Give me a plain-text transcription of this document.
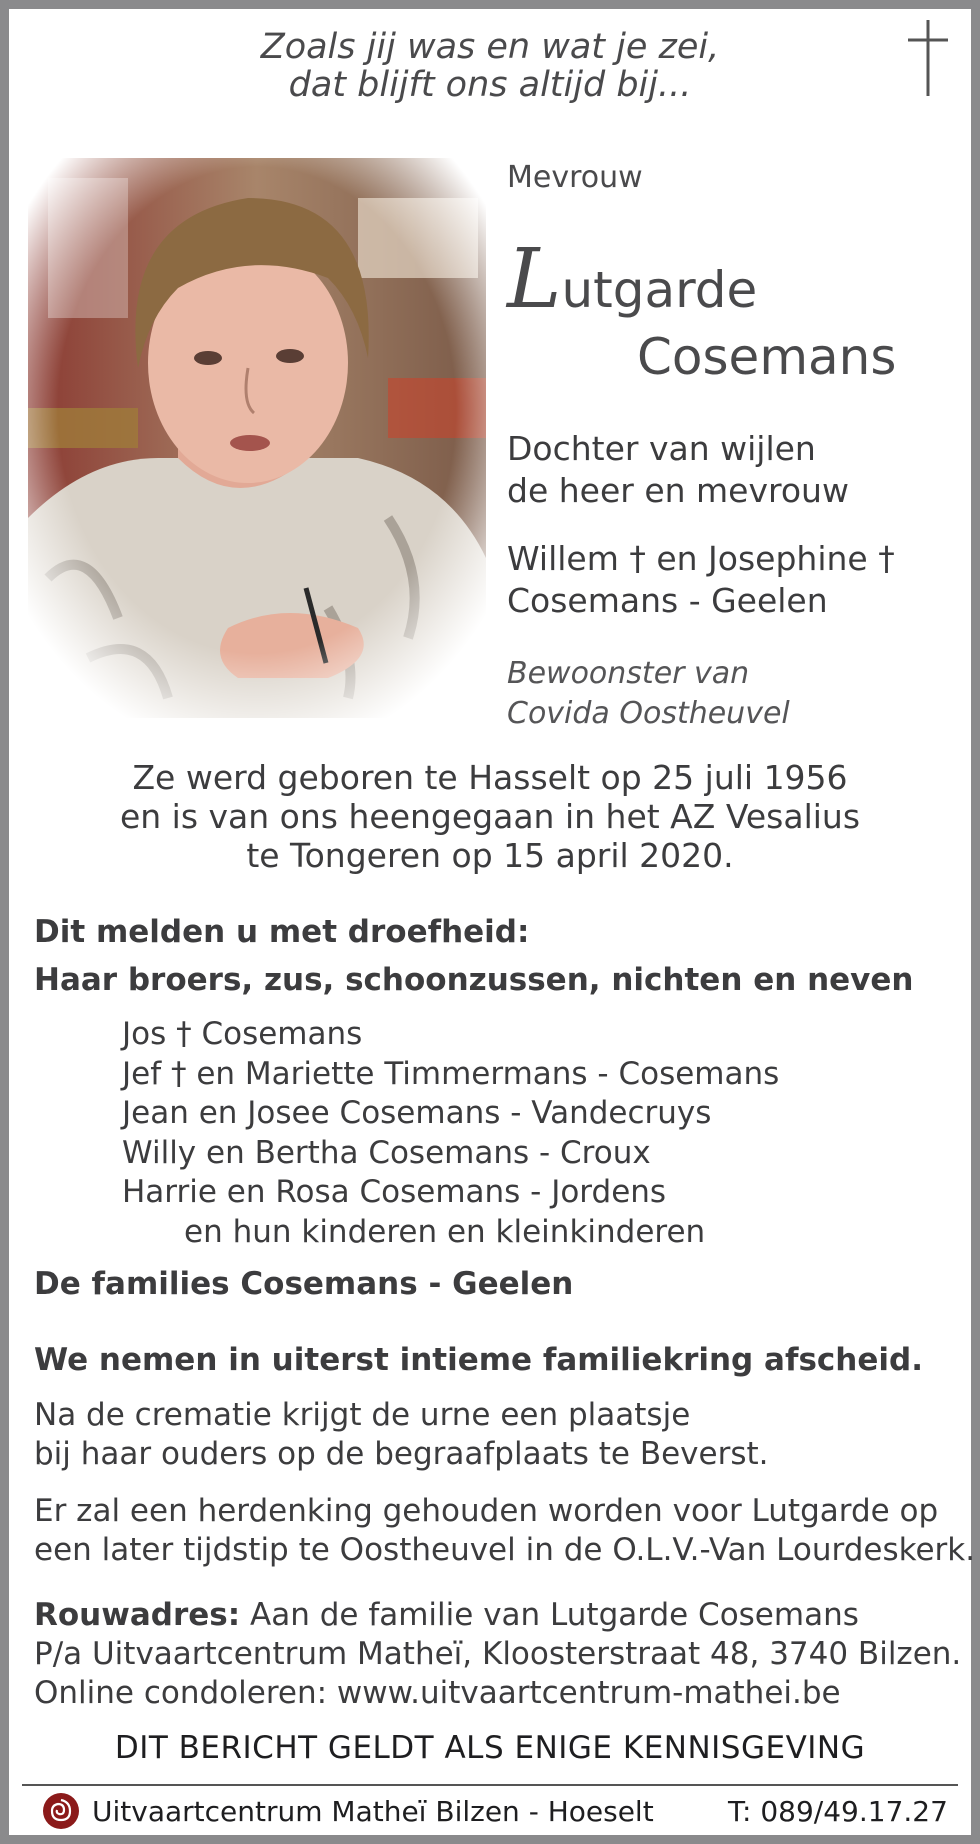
Zoals jij was en wat je zei,
dat blijft ons altijd bij...
Mevrouw
Lutgarde
Cosemans
Dochter van wijlen
de heer en mevrouw
Willem † en Josephine †
Cosemans - Geelen
Bewoonster van
Covida Oostheuvel
Ze werd geboren te Hasselt op 25 juli 1956
en is van ons heengegaan in het AZ Vesalius
te Tongeren op 15 april 2020.
Dit melden u met droefheid:
Haar broers, zus, schoonzussen, nichten en neven
Jos † Cosemans
Jef † en Mariette Timmermans - Cosemans
Jean en Josee Cosemans - Vandecruys
Willy en Bertha Cosemans - Croux
Harrie en Rosa Cosemans - Jordens
en hun kinderen en kleinkinderen
De families Cosemans - Geelen
We nemen in uiterst intieme familiekring afscheid.
Na de crematie krijgt de urne een plaatsje
bij haar ouders op de begraafplaats te Beverst.
Er zal een herdenking gehouden worden voor Lutgarde op
een later tijdstip te Oostheuvel in de O.L.V.-Van Lourdeskerk.
Rouwadres: Aan de familie van Lutgarde Cosemans
P/a Uitvaartcentrum Matheï, Kloosterstraat 48, 3740 Bilzen.
Online condoleren: www.uitvaartcentrum-mathei.be
DIT BERICHT GELDT ALS ENIGE KENNISGEVING
Uitvaartcentrum Matheï Bilzen - Hoeselt	T: 089/49.17.27
